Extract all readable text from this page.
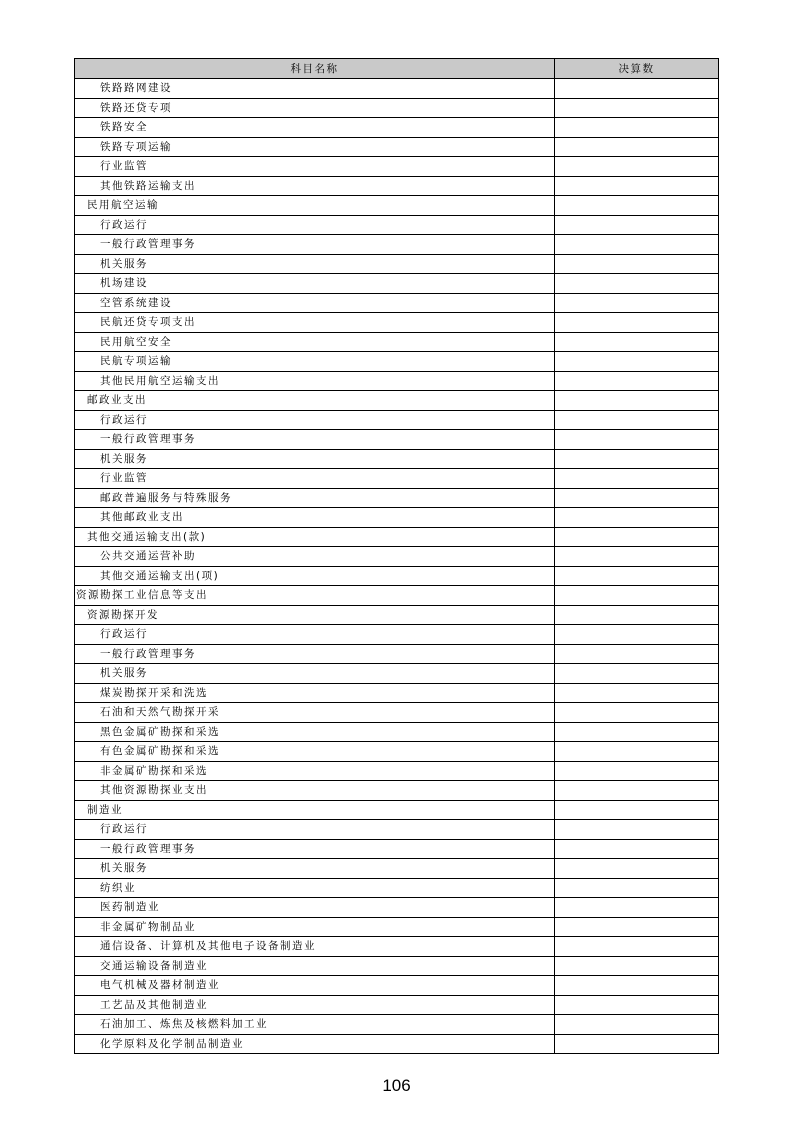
科目名称	决算数
铁路路网建设	
铁路还贷专项	
铁路安全	
铁路专项运输	
行业监管	
其他铁路运输支出	
民用航空运输	
行政运行	
一般行政管理事务	
机关服务	
机场建设	
空管系统建设	
民航还贷专项支出	
民用航空安全	
民航专项运输	
其他民用航空运输支出	
邮政业支出	
行政运行	
一般行政管理事务	
机关服务	
行业监管	
邮政普遍服务与特殊服务	
其他邮政业支出	
其他交通运输支出(款)	
公共交通运营补助	
其他交通运输支出(项)	
资源勘探工业信息等支出	
资源勘探开发	
行政运行	
一般行政管理事务	
机关服务	
煤炭勘探开采和洗选	
石油和天然气勘探开采	
黑色金属矿勘探和采选	
有色金属矿勘探和采选	
非金属矿勘探和采选	
其他资源勘探业支出	
制造业	
行政运行	
一般行政管理事务	
机关服务	
纺织业	
医药制造业	
非金属矿物制品业	
通信设备、计算机及其他电子设备制造业	
交通运输设备制造业	
电气机械及器材制造业	
工艺品及其他制造业	
石油加工、炼焦及核燃料加工业	
化学原料及化学制品制造业	
106
